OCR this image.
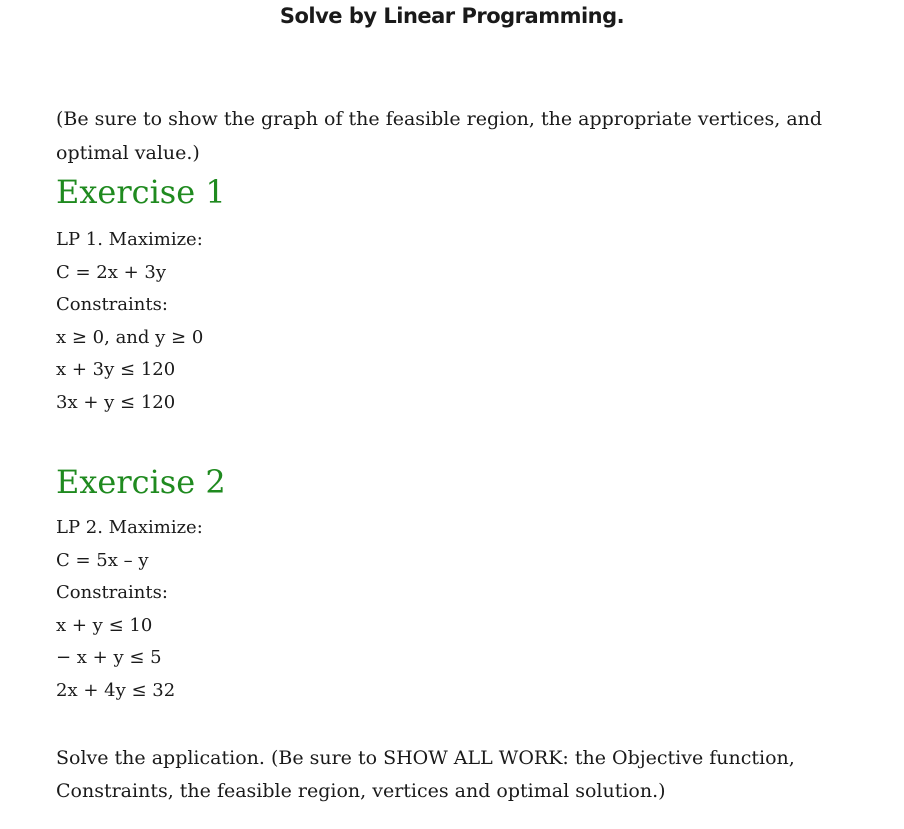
Solve by Linear Programming.
(Be sure to show the graph of the feasible region, the appropriate vertices, and optimal value.)
Exercise 1
LP 1. Maximize:
C = 2x + 3y
Constraints:
x ≥ 0, and y ≥ 0
x + 3y ≤ 120
3x + y ≤ 120
Exercise 2
LP 2. Maximize:
C = 5x – y
Constraints:
x + y ≤ 10
− x + y ≤ 5
2x + 4y ≤ 32
Solve the application. (Be sure to SHOW ALL WORK: the Objective function, Constraints, the feasible region, vertices and optimal solution.)
